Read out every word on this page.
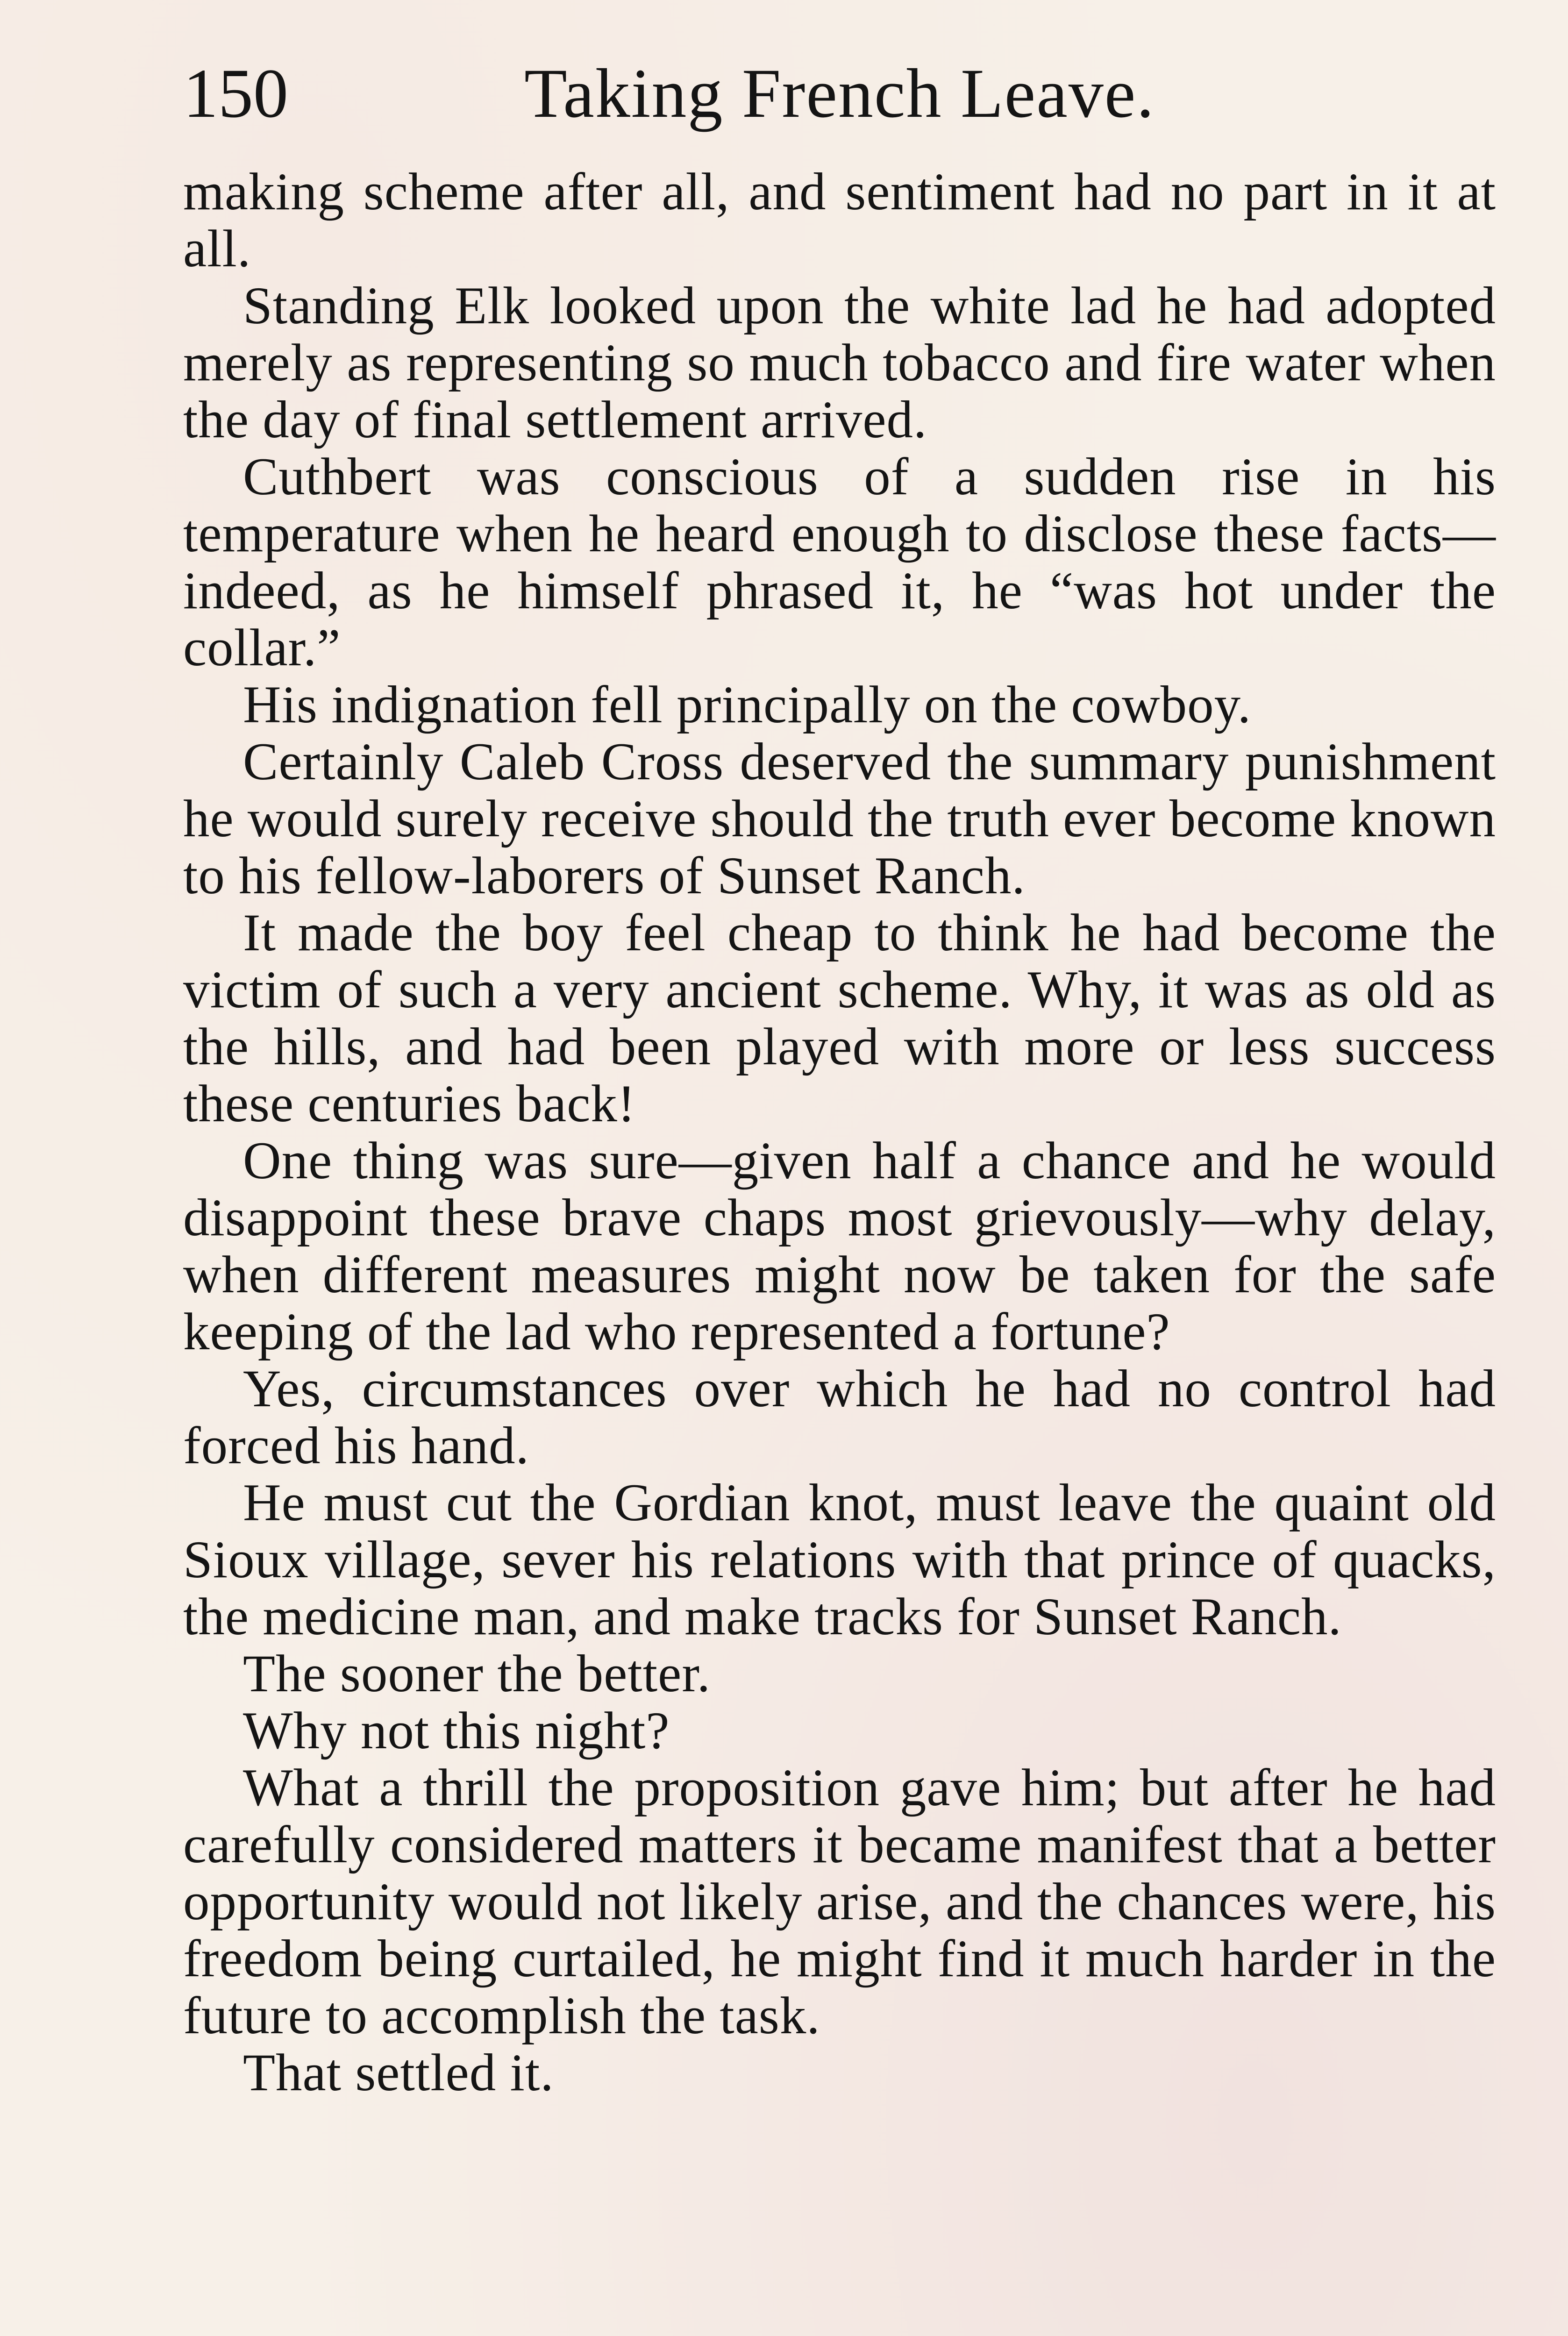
150	Taking French Leave.

making scheme after all, and sentiment had no part in it at all.

Standing Elk looked upon the white lad he had adopted merely as representing so much tobacco and fire water when the day of final settlement arrived.

Cuthbert was conscious of a sudden rise in his temperature when he heard enough to disclose these facts—indeed, as he himself phrased it, he “was hot under the collar.”

His indignation fell principally on the cowboy.

Certainly Caleb Cross deserved the summary punishment he would surely receive should the truth ever become known to his fellow-laborers of Sunset Ranch.

It made the boy feel cheap to think he had become the victim of such a very ancient scheme. Why, it was as old as the hills, and had been played with more or less success these centuries back!

One thing was sure—given half a chance and he would disappoint these brave chaps most grievously—why delay, when different measures might now be taken for the safe keeping of the lad who represented a fortune?

Yes, circumstances over which he had no control had forced his hand.

He must cut the Gordian knot, must leave the quaint old Sioux village, sever his relations with that prince of quacks, the medicine man, and make tracks for Sunset Ranch.

The sooner the better.

Why not this night?

What a thrill the proposition gave him; but after he had carefully considered matters it became manifest that a better opportunity would not likely arise, and the chances were, his freedom being curtailed, he might find it much harder in the future to accomplish the task.

That settled it.
